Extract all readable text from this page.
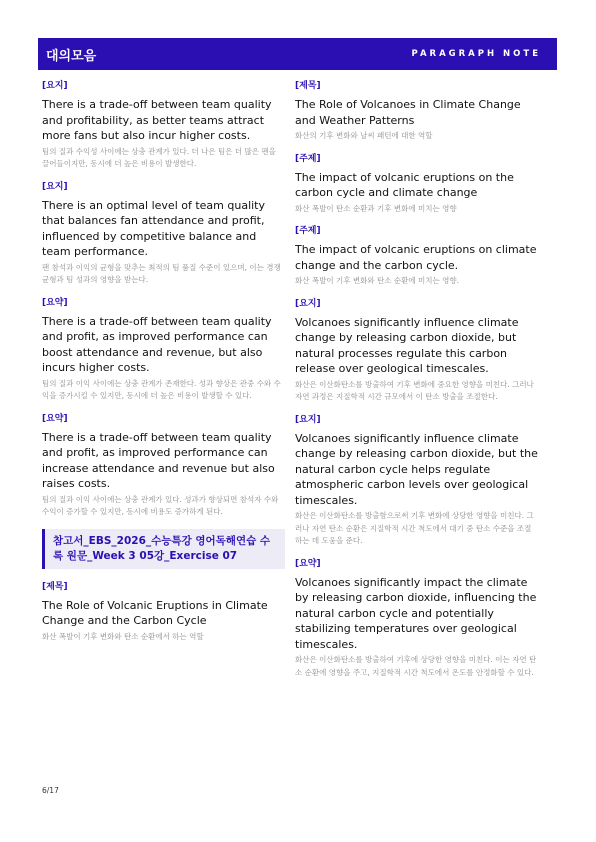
대의모음	PARAGRAPH NOTE
[요지]

There is a trade-off between team quality and profitability, as better teams attract more fans but also incur higher costs.

팀의 질과 수익성 사이에는 상충 관계가 있다. 더 나은 팀은 더 많은 팬을 끌어들이지만, 동시에 더 높은 비용이 발생한다.

[요지]

There is an optimal level of team quality that balances fan attendance and profit, influenced by competitive balance and team performance.

팬 참석과 이익의 균형을 맞추는 최적의 팀 품질 수준이 있으며, 이는 경쟁 균형과 팀 성과의 영향을 받는다.

[요약]

There is a trade-off between team quality and profit, as improved performance can boost attendance and revenue, but also incurs higher costs.

팀의 질과 이익 사이에는 상충 관계가 존재한다. 성과 향상은 관중 수와 수익을 증가시킬 수 있지만, 동시에 더 높은 비용이 발생할 수 있다.

[요약]

There is a trade-off between team quality and profit, as improved performance can increase attendance and revenue but also raises costs.

팀의 질과 이익 사이에는 상충 관계가 있다. 성과가 향상되면 참석자 수와 수익이 증가할 수 있지만, 동시에 비용도 증가하게 된다.

참고서_EBS_2026_수능특강 영어독해연습 수록 원문_Week 3 05강_Exercise 07
[제목]

The Role of Volcanic Eruptions in Climate Change and the Carbon Cycle

화산 폭발이 기후 변화와 탄소 순환에서 하는 역할

[제목]

The Role of Volcanoes in Climate Change and Weather Patterns

화산의 기후 변화와 날씨 패턴에 대한 역할

[주제]

The impact of volcanic eruptions on the carbon cycle and climate change

화산 폭발이 탄소 순환과 기후 변화에 미치는 영향

[주제]

The impact of volcanic eruptions on climate change and the carbon cycle.

화산 폭발이 기후 변화와 탄소 순환에 미치는 영향.

[요지]

Volcanoes significantly influence climate change by releasing carbon dioxide, but natural processes regulate this carbon release over geological timescales.

화산은 이산화탄소를 방출하여 기후 변화에 중요한 영향을 미친다. 그러나 자연 과정은 지질학적 시간 규모에서 이 탄소 방출을 조절한다.

[요지]

Volcanoes significantly influence climate change by releasing carbon dioxide, but the natural carbon cycle helps regulate atmospheric carbon levels over geological timescales.

화산은 이산화탄소를 방출함으로써 기후 변화에 상당한 영향을 미친다. 그러나 자연 탄소 순환은 지질학적 시간 척도에서 대기 중 탄소 수준을 조절하는 데 도움을 준다.

[요약]

Volcanoes significantly impact the climate by releasing carbon dioxide, influencing the natural carbon cycle and potentially stabilizing temperatures over geological timescales.

화산은 이산화탄소를 방출하여 기후에 상당한 영향을 미친다. 이는 자연 탄소 순환에 영향을 주고, 지질학적 시간 척도에서 온도를 안정화할 수 있다.

6/17
